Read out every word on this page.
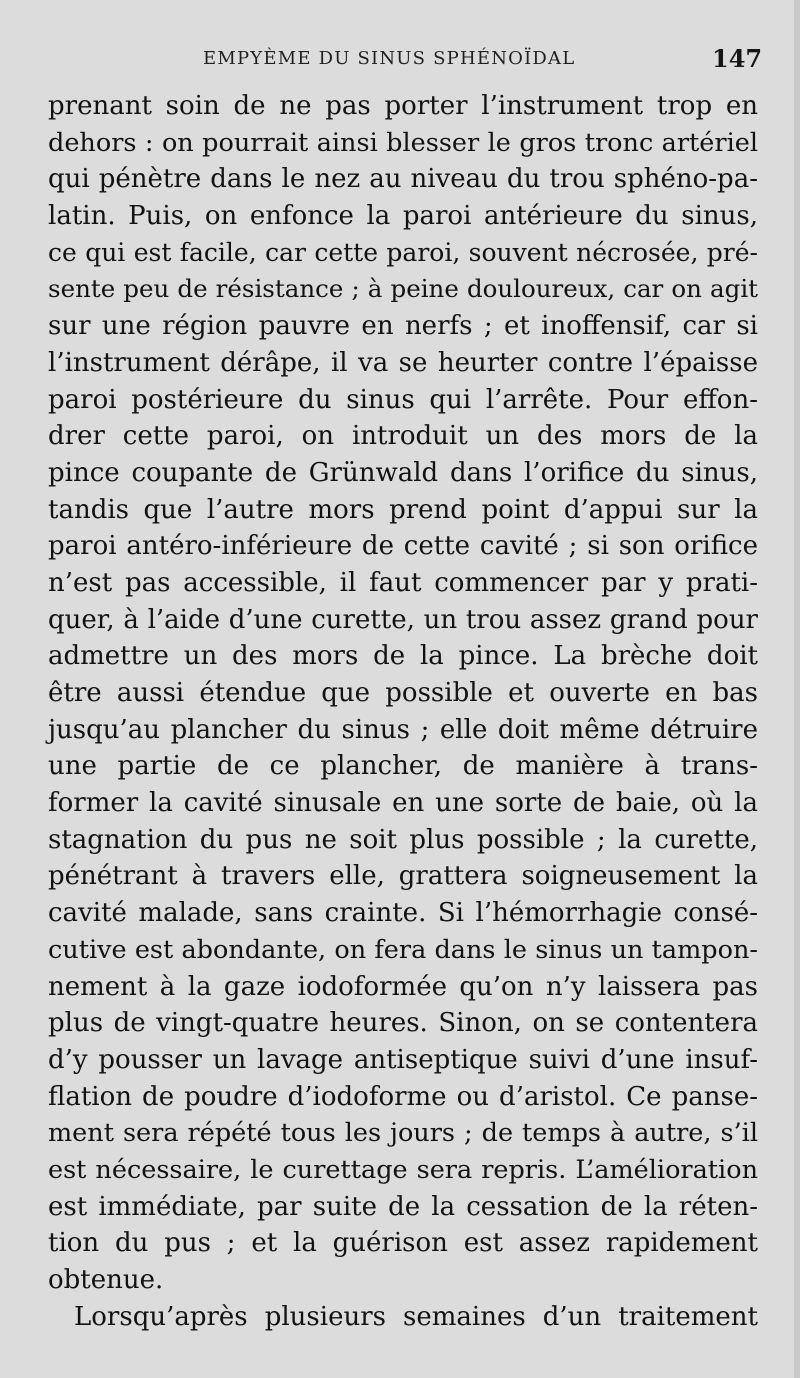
EMPYÈME DU SINUS SPHÉNOÏDAL	147
prenant soin de ne pas porter l’instrument trop en
dehors : on pourrait ainsi blesser le gros tronc artériel
qui pénètre dans le nez au niveau du trou sphéno-pa-
latin. Puis, on enfonce la paroi antérieure du sinus,
ce qui est facile, car cette paroi, souvent nécrosée, pré-
sente peu de résistance ; à peine douloureux, car on agit
sur une région pauvre en nerfs ; et inoffensif, car si
l’instrument dérâpe, il va se heurter contre l’épaisse
paroi postérieure du sinus qui l’arrête. Pour effon-
drer cette paroi, on introduit un des mors de la
pince coupante de Grünwald dans l’orifice du sinus,
tandis que l’autre mors prend point d’appui sur la
paroi antéro-inférieure de cette cavité ; si son orifice
n’est pas accessible, il faut commencer par y prati-
quer, à l’aide d’une curette, un trou assez grand pour
admettre un des mors de la pince. La brèche doit
être aussi étendue que possible et ouverte en bas
jusqu’au plancher du sinus ; elle doit même détruire
une partie de ce plancher, de manière à trans-
former la cavité sinusale en une sorte de baie, où la
stagnation du pus ne soit plus possible ; la curette,
pénétrant à travers elle, grattera soigneusement la
cavité malade, sans crainte. Si l’hémorrhagie consé-
cutive est abondante, on fera dans le sinus un tampon-
nement à la gaze iodoformée qu’on n’y laissera pas
plus de vingt-quatre heures. Sinon, on se contentera
d’y pousser un lavage antiseptique suivi d’une insuf-
flation de poudre d’iodoforme ou d’aristol. Ce panse-
ment sera répété tous les jours ; de temps à autre, s’il
est nécessaire, le curettage sera repris. L’amélioration
est immédiate, par suite de la cessation de la réten-
tion du pus ; et la guérison est assez rapidement
obtenue.
Lorsqu’après plusieurs semaines d’un traitement
